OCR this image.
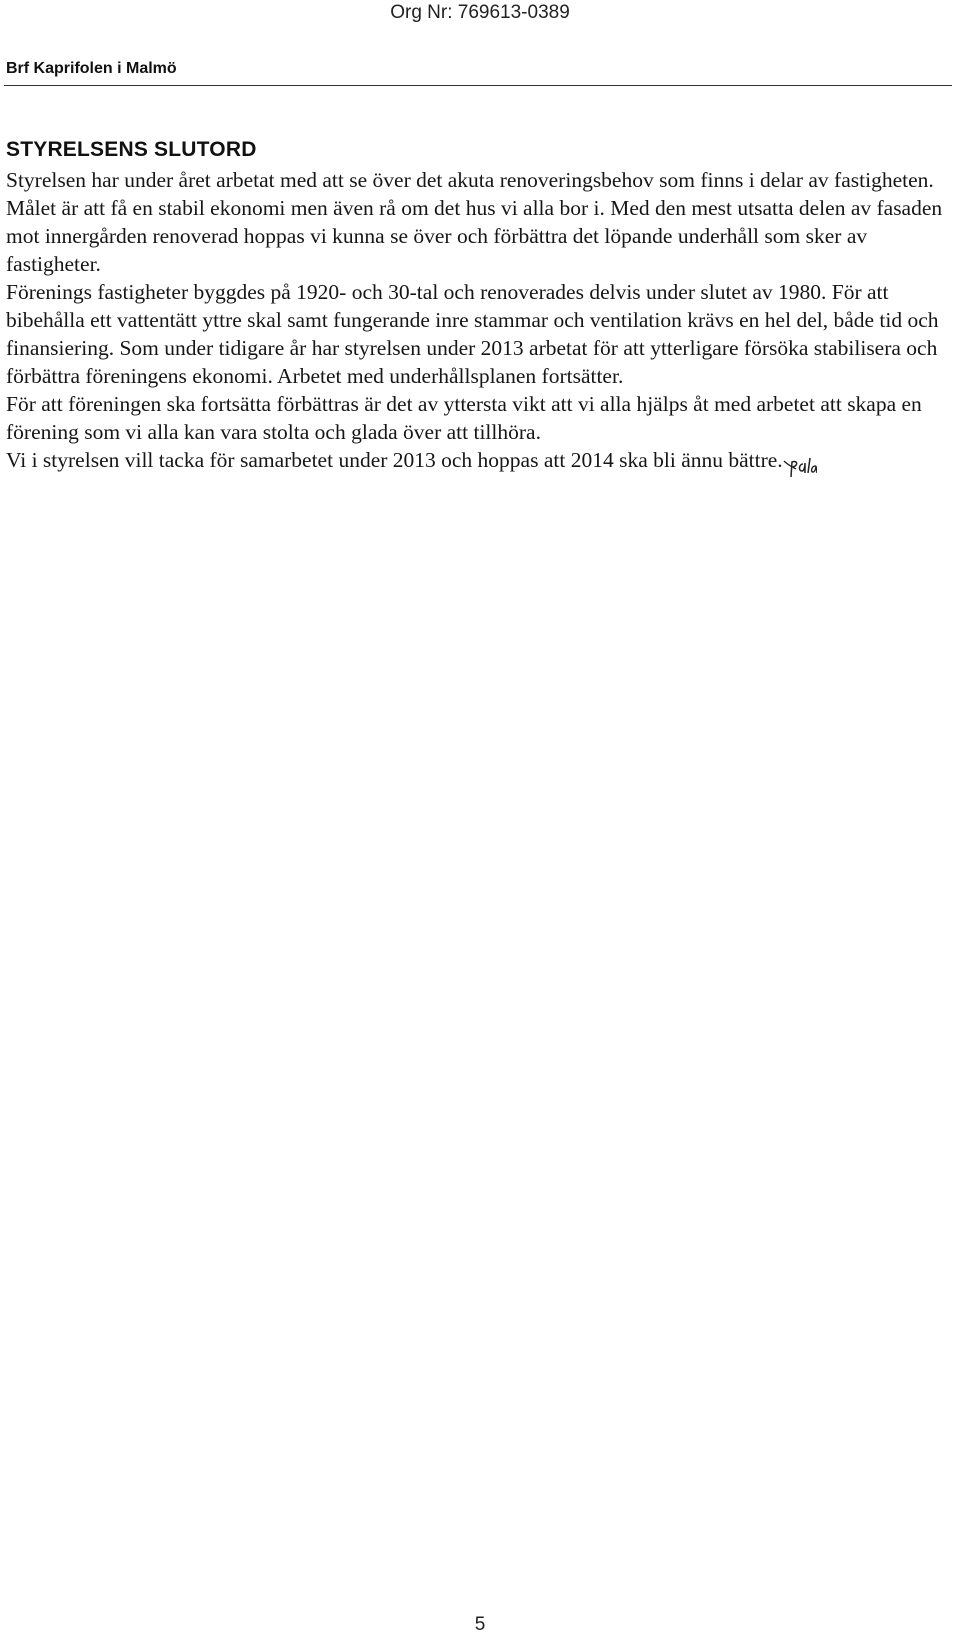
Org Nr: 769613-0389

Brf Kaprifolen i Malmö

STYRELSENS SLUTORD

Styrelsen har under året arbetat med att se över det akuta renoveringsbehov som finns i delar av fastigheten. Målet är att få en stabil ekonomi men även rå om det hus vi alla bor i. Med den mest utsatta delen av fasaden mot innergården renoverad hoppas vi kunna se över och förbättra det löpande underhåll som sker av fastigheter.

Förenings fastigheter byggdes på 1920- och 30-tal och renoverades delvis under slutet av 1980. För att bibehålla ett vattentätt yttre skal samt fungerande inre stammar och ventilation krävs en hel del, både tid och finansiering. Som under tidigare år har styrelsen under 2013 arbetat för att ytterligare försöka stabilisera och förbättra föreningens ekonomi. Arbetet med underhållsplanen fortsätter.

För att föreningen ska fortsätta förbättras är det av yttersta vikt att vi alla hjälps åt med arbetet att skapa en förening som vi alla kan vara stolta och glada över att tillhöra.

Vi i styrelsen vill tacka för samarbetet under 2013 och hoppas att 2014 ska bli ännu bättre.

5
